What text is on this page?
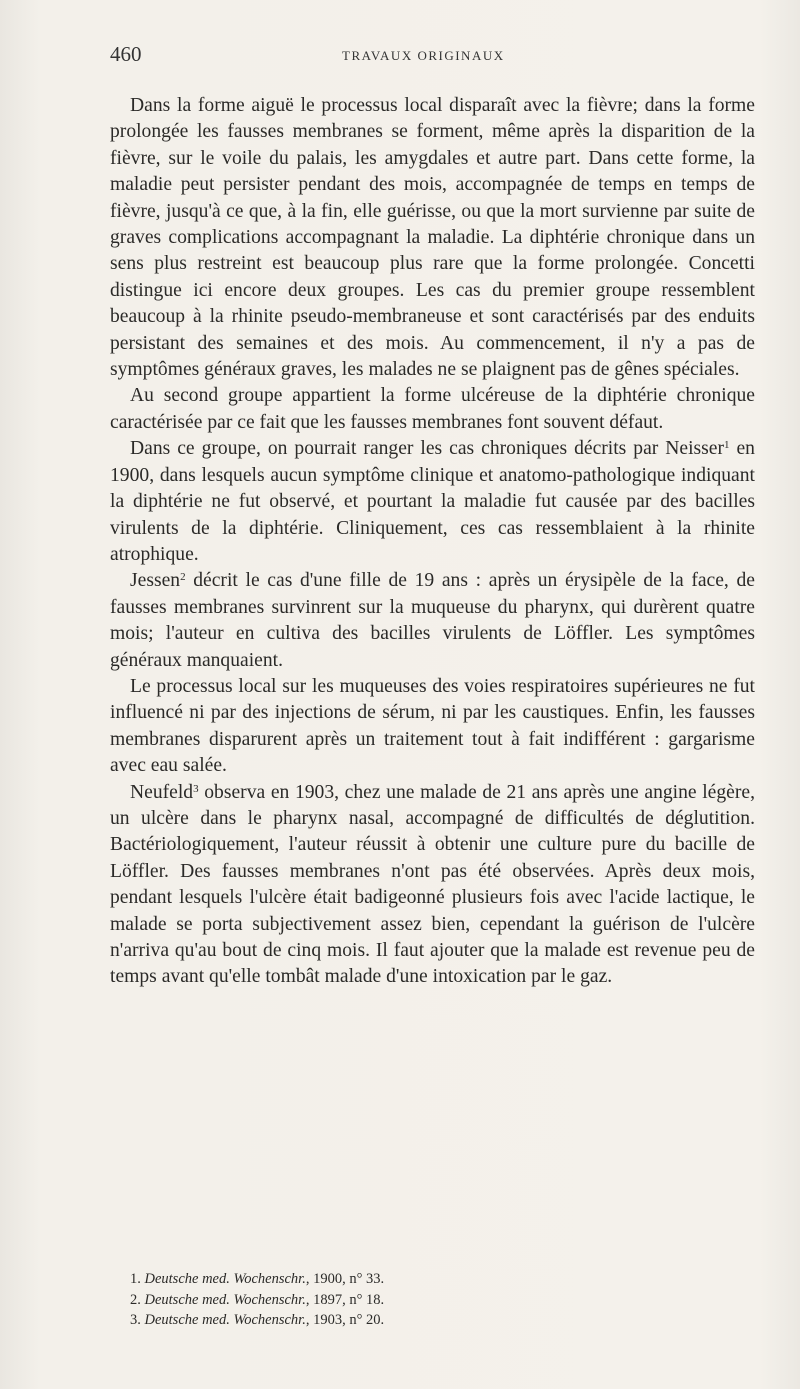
460	TRAVAUX ORIGINAUX

Dans la forme aiguë le processus local disparaît avec la fièvre; dans la forme prolongée les fausses membranes se forment, même après la disparition de la fièvre, sur le voile du palais, les amygdales et autre part. Dans cette forme, la maladie peut persister pendant des mois, accompagnée de temps en temps de fièvre, jusqu'à ce que, à la fin, elle guérisse, ou que la mort survienne par suite de graves complications accompagnant la maladie. La diphtérie chronique dans un sens plus restreint est beaucoup plus rare que la forme prolongée. Concetti distingue ici encore deux groupes. Les cas du premier groupe ressemblent beaucoup à la rhinite pseudo-membraneuse et sont caractérisés par des enduits persistant des semaines et des mois. Au commencement, il n'y a pas de symptômes généraux graves, les malades ne se plaignent pas de gênes spéciales.

Au second groupe appartient la forme ulcéreuse de la diphtérie chronique caractérisée par ce fait que les fausses membranes font souvent défaut.

Dans ce groupe, on pourrait ranger les cas chroniques décrits par Neisser$^1$ en 1900, dans lesquels aucun symptôme clinique et anatomo-pathologique indiquant la diphtérie ne fut observé, et pourtant la maladie fut causée par des bacilles virulents de la diphtérie. Cliniquement, ces cas ressemblaient à la rhinite atrophique.

Jessen$^2$ décrit le cas d'une fille de 19 ans : après un érysipèle de la face, de fausses membranes survinrent sur la muqueuse du pharynx, qui durèrent quatre mois; l'auteur en cultiva des bacilles virulents de Löffler. Les symptômes généraux manquaient.

Le processus local sur les muqueuses des voies respiratoires supérieures ne fut influencé ni par des injections de sérum, ni par les caustiques. Enfin, les fausses membranes disparurent après un traitement tout à fait indifférent : gargarisme avec eau salée.

Neufeld$^3$ observa en 1903, chez une malade de 21 ans après une angine légère, un ulcère dans le pharynx nasal, accompagné de difficultés de déglutition. Bactériologiquement, l'auteur réussit à obtenir une culture pure du bacille de Löffler. Des fausses membranes n'ont pas été observées. Après deux mois, pendant lesquels l'ulcère était badigeonné plusieurs fois avec l'acide lactique, le malade se porta subjectivement assez bien, cependant la guérison de l'ulcère n'arriva qu'au bout de cinq mois. Il faut ajouter que la malade est revenue peu de temps avant qu'elle tombât malade d'une intoxication par le gaz.

1. Deutsche med. Wochenschr., 1900, n° 33.

2. Deutsche med. Wochenschr., 1897, n° 18.

3. Deutsche med. Wochenschr., 1903, n° 20.
